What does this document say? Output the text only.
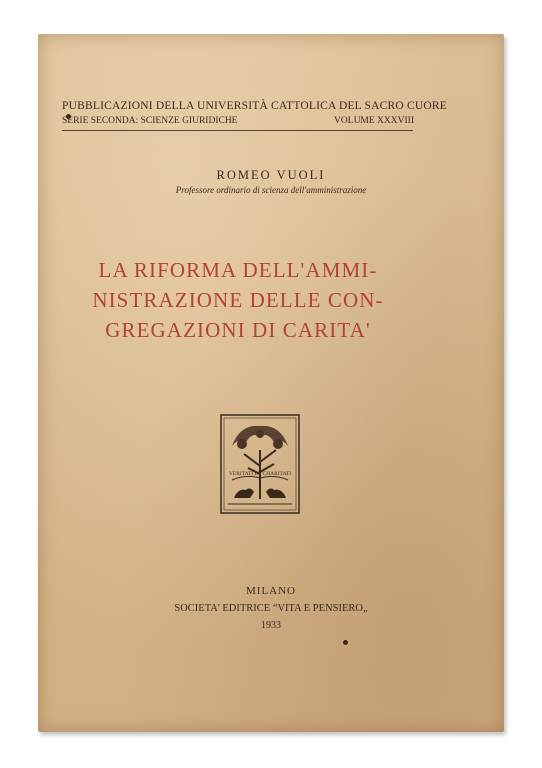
PUBBLICAZIONI DELLA UNIVERSITÀ CATTOLICA DEL SACRO CUORE
SERIE SECONDA: SCIENZE GIURIDICHE	VOLUME XXXVIII
ROMEO VUOLI
Professore ordinario di scienza dell'amministrazione
LA RIFORMA DELL'AMMI-
NISTRAZIONE DELLE CON-
GREGAZIONI DI CARITA'
VERITATI ET CHARITATI
MILANO
SOCIETA' EDITRICE “VITA E PENSIERO„
1933
